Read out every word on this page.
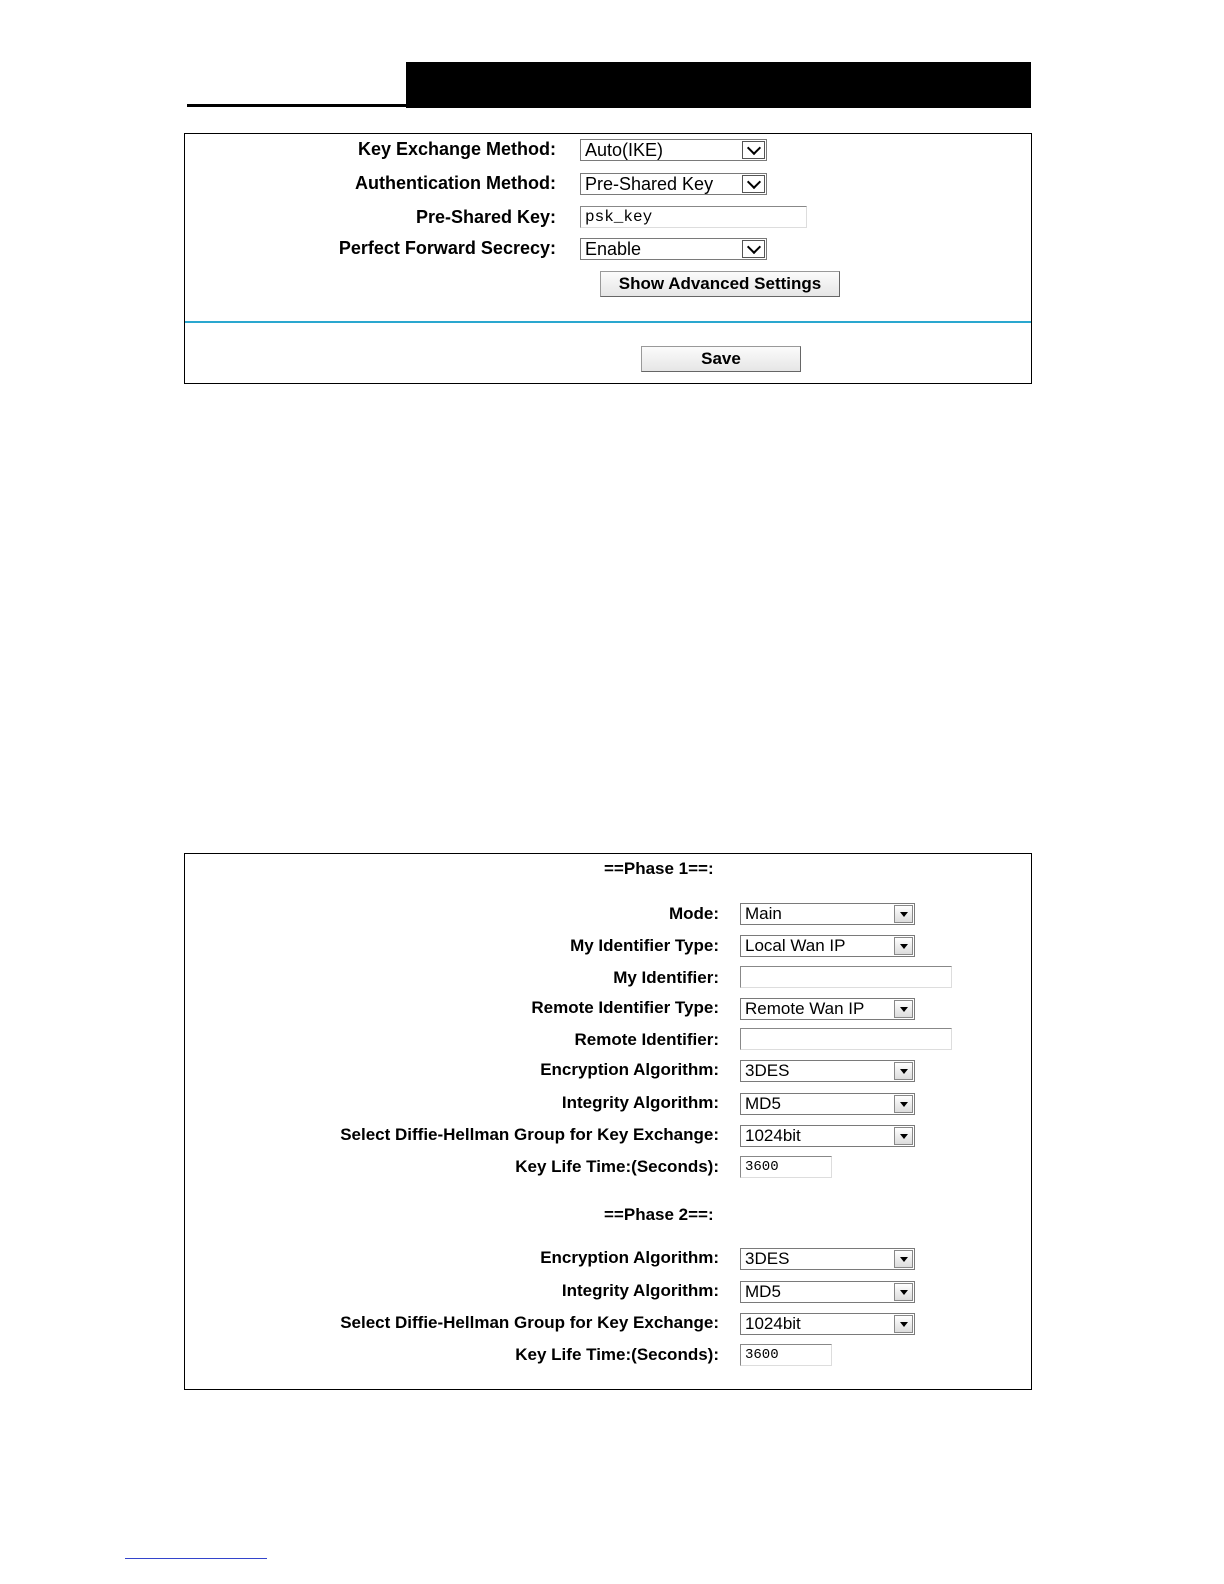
Key Exchange Method: Auto(IKE)
Authentication Method: Pre-Shared Key
Pre-Shared Key:	psk_key
Perfect Forward Secrecy: Enable
Show Advanced Settings
Save
==Phase 1==:
Mode: Main
My Identifier Type: Local Wan IP
My Identifier:
Remote Identifier Type: Remote Wan IP
Remote Identifier:
Encryption Algorithm: 3DES
Integrity Algorithm: MD5
Select Diffie-Hellman Group for Key Exchange: 1024bit
Key Life Time:(Seconds):	3600
==Phase 2==:
Encryption Algorithm: 3DES
Integrity Algorithm: MD5
Select Diffie-Hellman Group for Key Exchange: 1024bit
Key Life Time:(Seconds):	3600
